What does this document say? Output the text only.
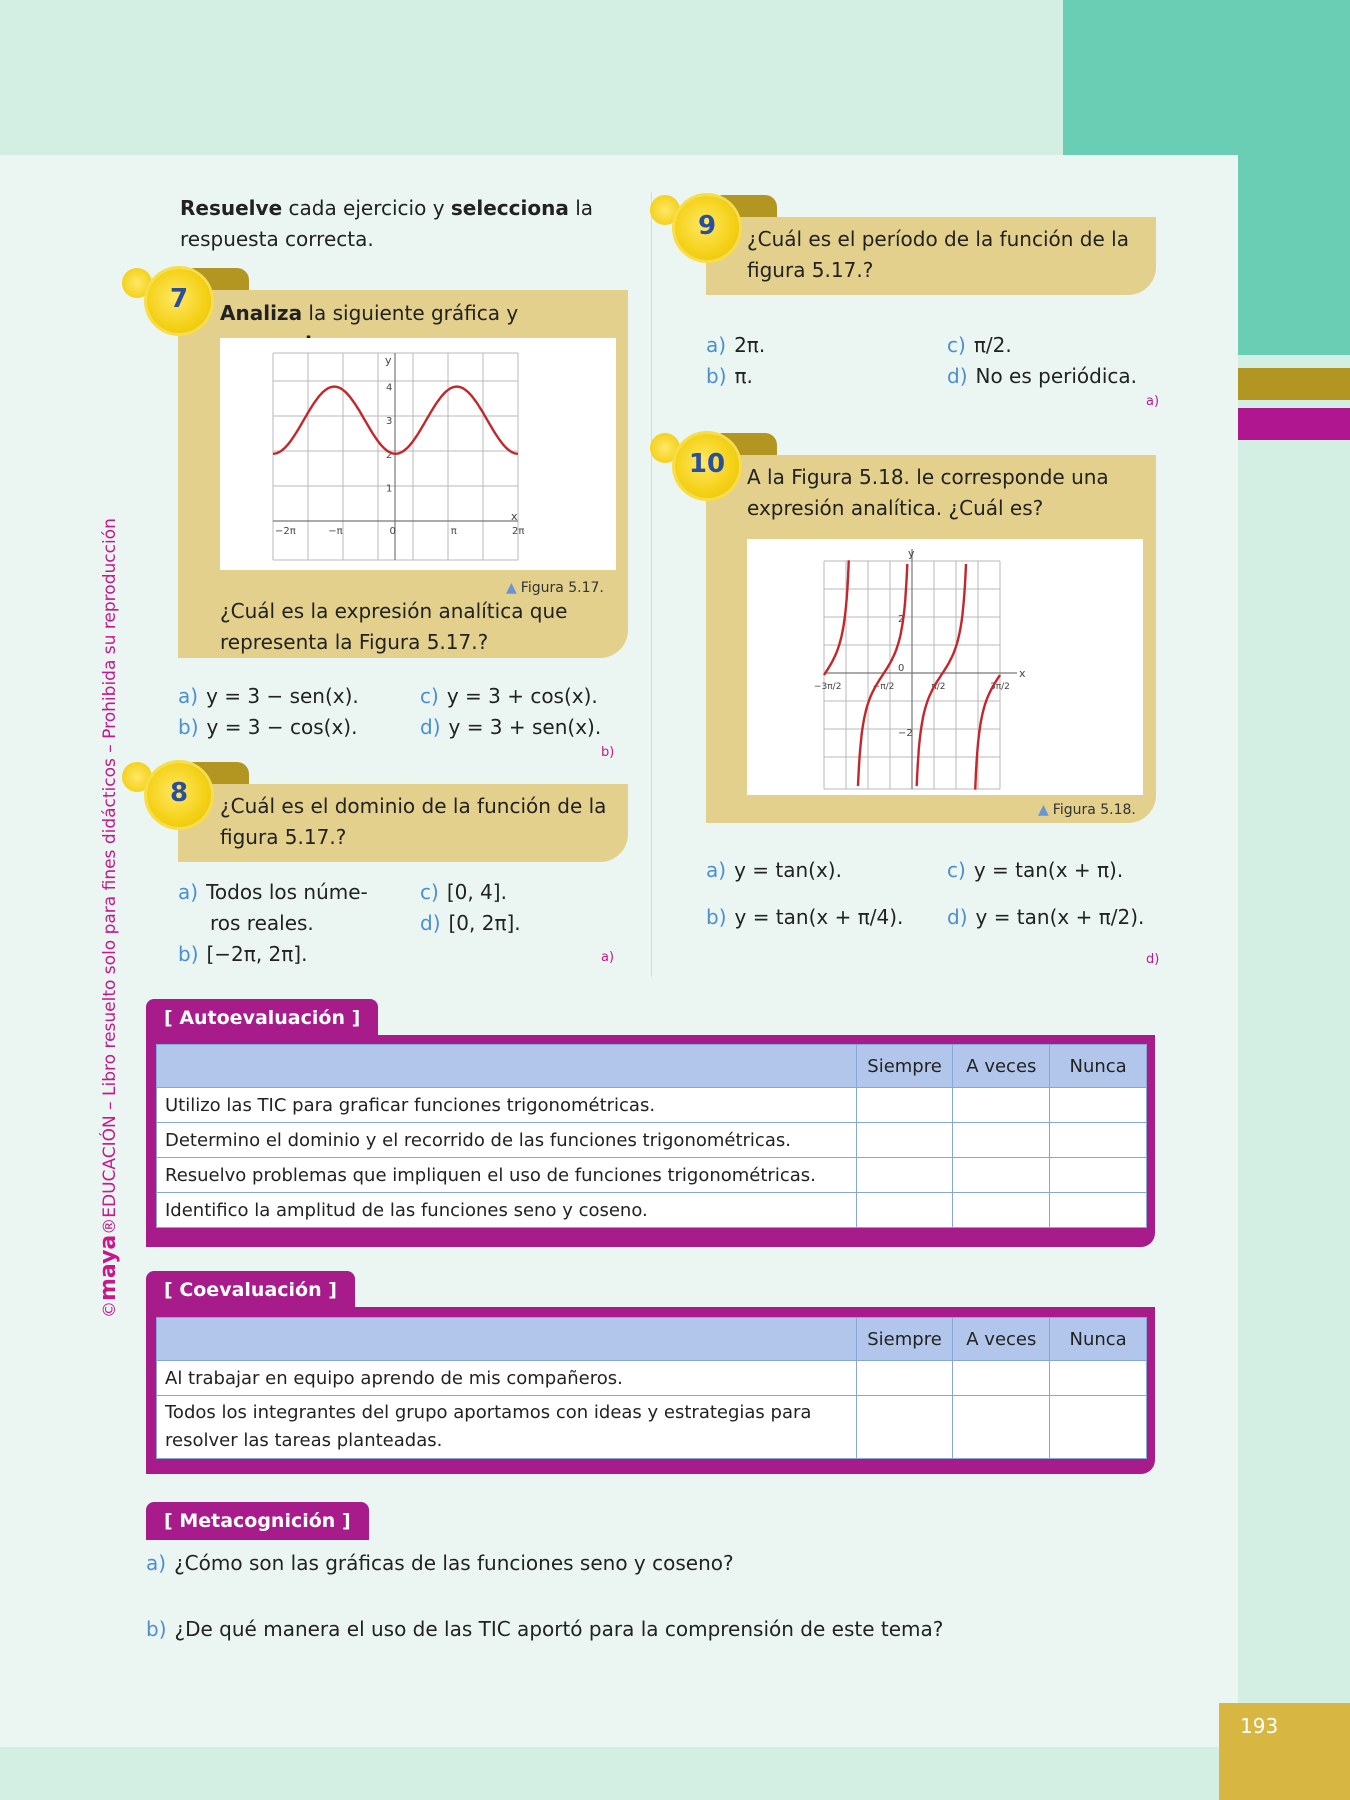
193
©maya®EDUCACIÓN – Libro resuelto solo para fines didácticos – Prohibida su reproducción
Resuelve cada ejercicio y selecciona la respuesta correcta.
7	Analiza la siguiente gráfica y
−2π	−π	0	π	2π
1
2
3
4
x
y
▲ Figura 5.17.
¿Cuál es la expresión analítica que representa la Figura 5.17.?
a) y = 3 − sen(x).
b) y = 3 − cos(x).
c) y = 3 + cos(x).
d) y = 3 + sen(x).
b)
8	¿Cuál es el dominio de la función de la figura 5.17.?
a) Todos los núme-
ros reales.
b) [−2π, 2π].
c) [0, 4].
d) [0, 2π].
a)
9	¿Cuál es el período de la función de la figura 5.17.?
a) 2π.
b) π.
c) π/2.
d) No es periódica.
a)
10	A la Figura 5.18. le corresponde una expresión analítica. ¿Cuál es?
−3π/2	−π/2	π/2	3π/2
2
0
−2
x
y
▲ Figura 5.18.
a) y = tan(x).
b) y = tan(x + π/4).
c) y = tan(x + π).
d) y = tan(x + π/2).
d)
[ Autoevaluación ]
	Siempre	A veces	Nunca
Utilizo las TIC para graficar funciones trigonométricas.			
Determino el dominio y el recorrido de las funciones trigonométricas.			
Resuelvo problemas que impliquen el uso de funciones trigonométricas.			
Identifico la amplitud de las funciones seno y coseno.			
[ Coevaluación ]
	Siempre	A veces	Nunca
Al trabajar en equipo aprendo de mis compañeros.			
Todos los integrantes del grupo aportamos con ideas y estrategias para resolver las tareas planteadas.			
[ Metacognición ]
a) ¿Cómo son las gráficas de las funciones seno y coseno?
b) ¿De qué manera el uso de las TIC aportó para la comprensión de este tema?
